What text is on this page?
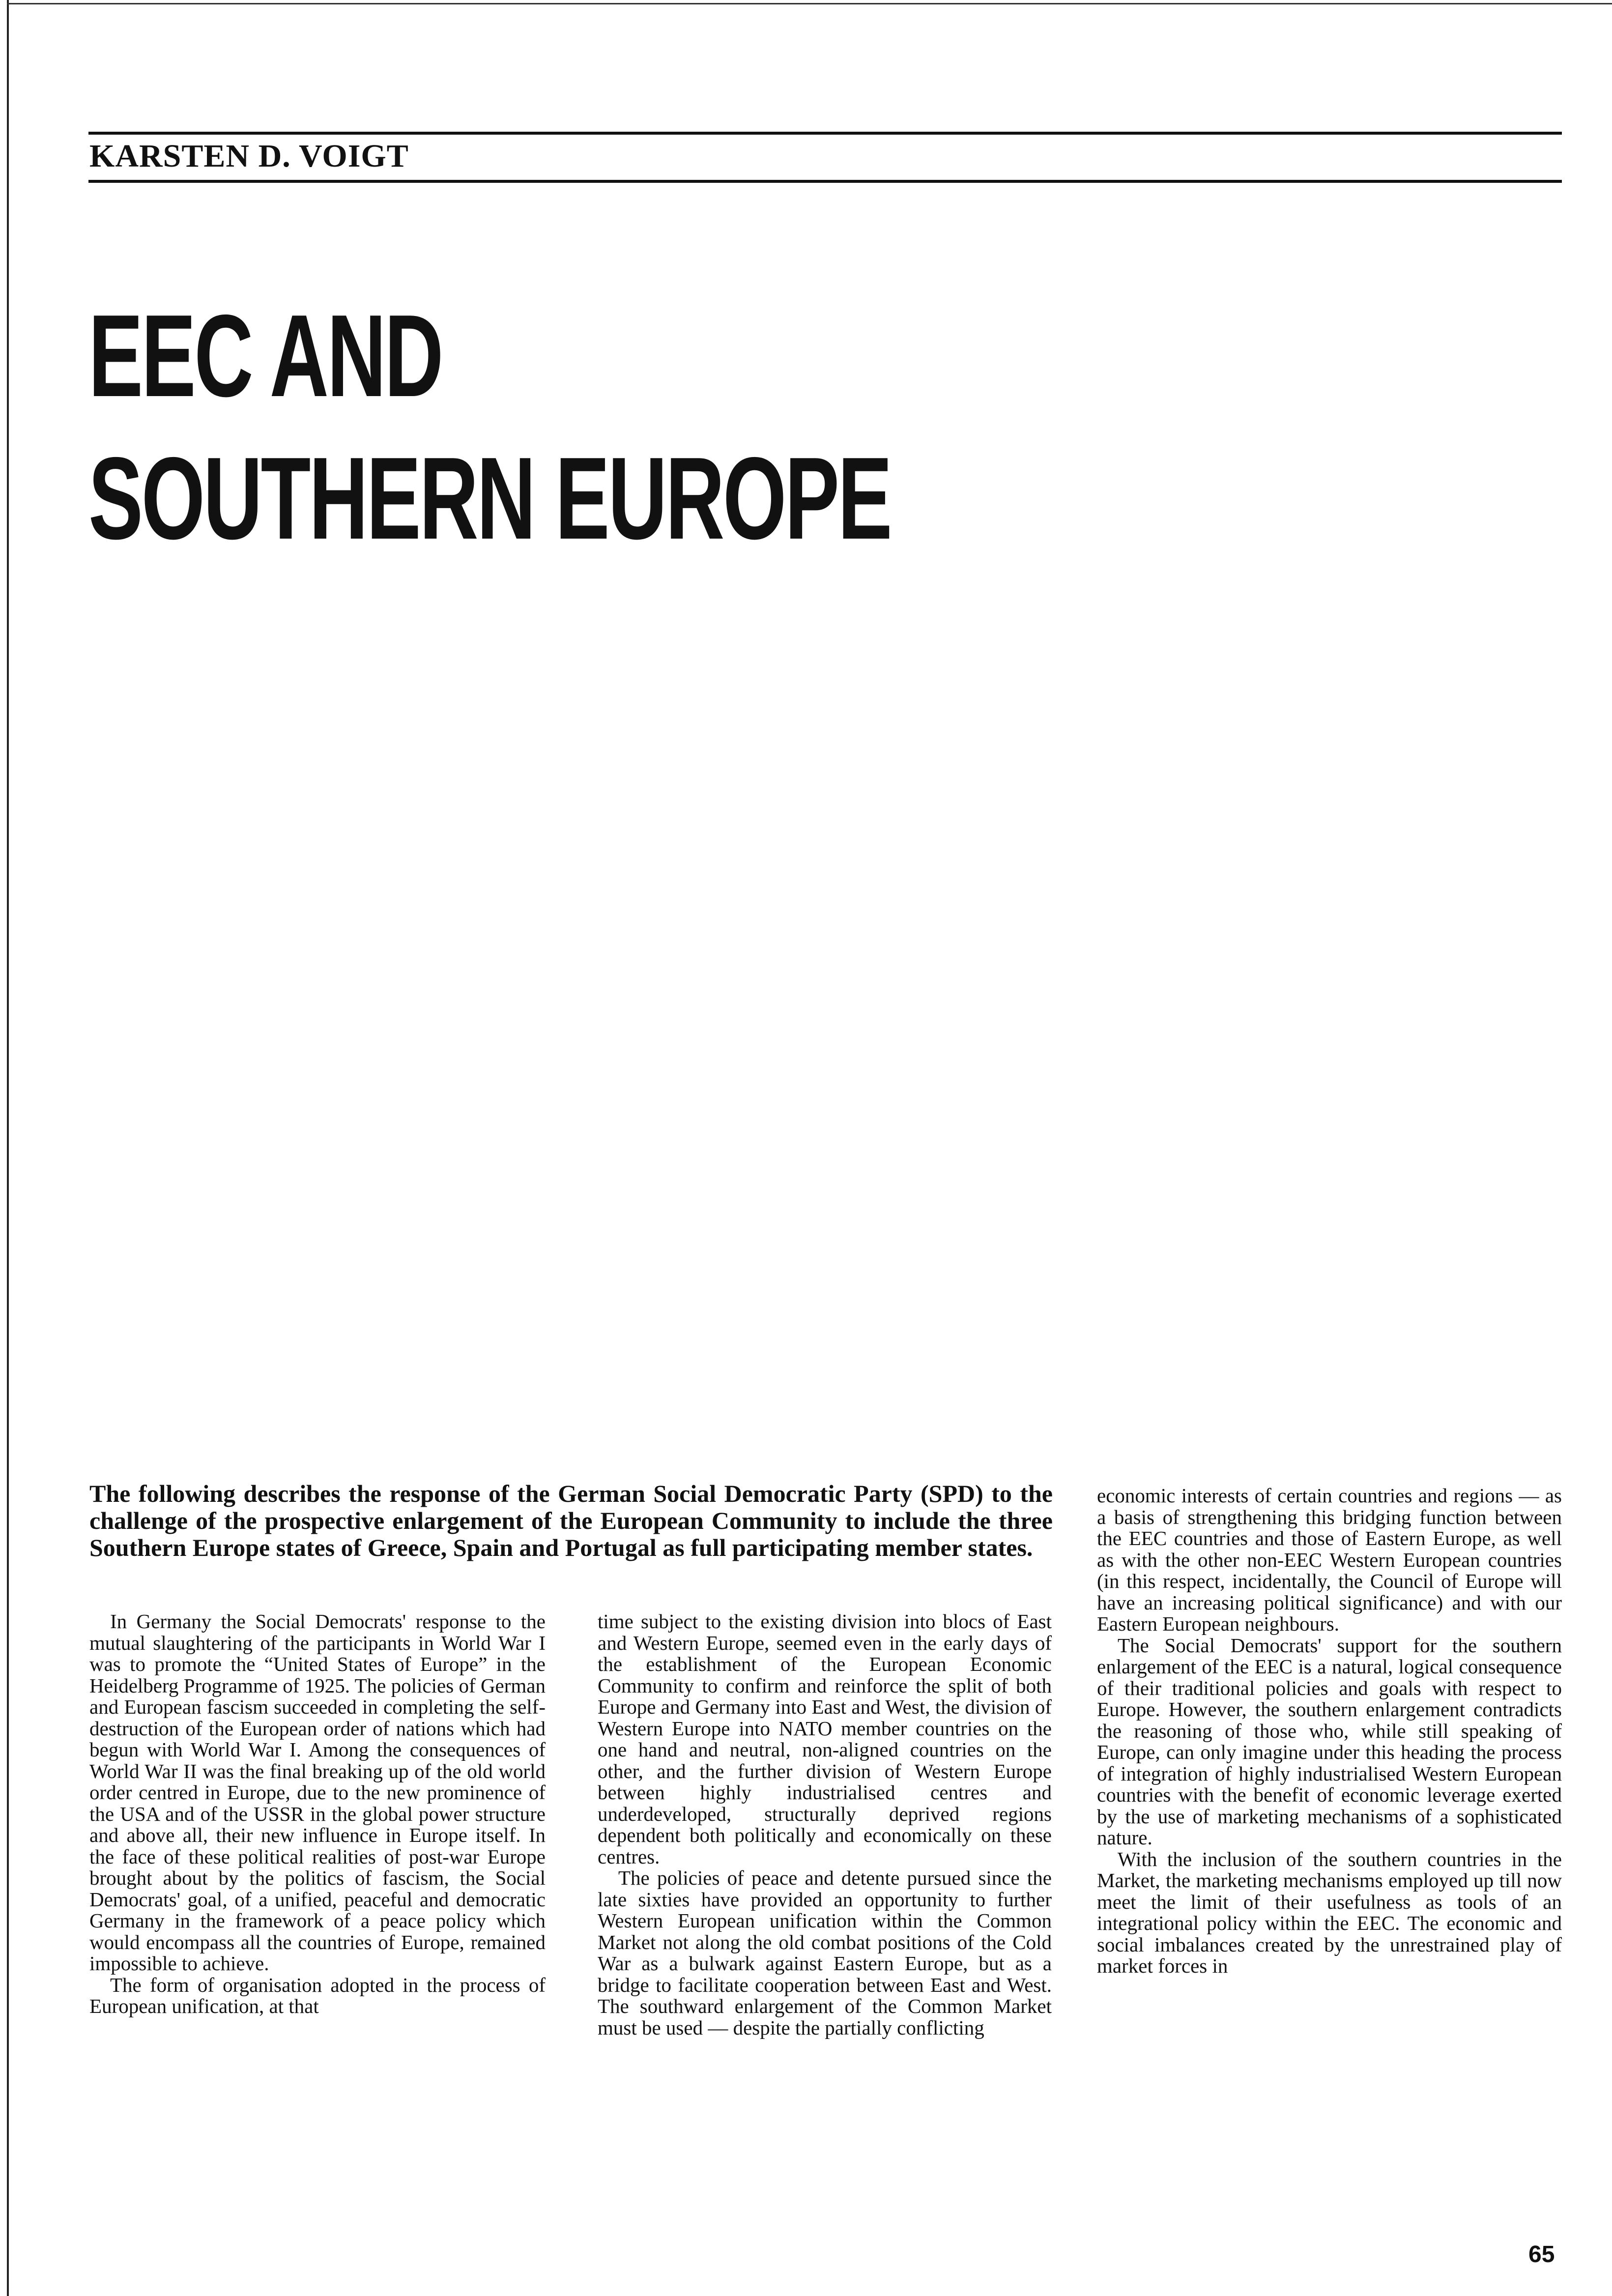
KARSTEN D. VOIGT
EEC AND
SOUTHERN EUROPE
The following describes the response of the German Social Democratic Party (SPD) to the challenge of the prospective enlargement of the European Community to include the three Southern Europe states of Greece, Spain and Portugal as full participating member states.

In Germany the Social Democrats' response to the mutual slaughtering of the participants in World War I was to promote the “United States of Europe” in the Heidelberg Programme of 1925. The policies of German and European fascism succeeded in completing the self-destruction of the European order of nations which had begun with World War I. Among the consequences of World War II was the final breaking up of the old world order centred in Europe, due to the new prominence of the USA and of the USSR in the global power structure and above all, their new influence in Europe itself. In the face of these political realities of post-war Europe brought about by the politics of fascism, the Social Democrats' goal, of a unified, peaceful and democratic Germany in the framework of a peace policy which would encompass all the countries of Europe, remained impossible to achieve.

The form of organisation adopted in the process of European unification, at that

time subject to the existing division into blocs of East and Western Europe, seemed even in the early days of the establishment of the European Economic Community to confirm and reinforce the split of both Europe and Germany into East and West, the division of Western Europe into NATO member countries on the one hand and neutral, non-aligned countries on the other, and the further division of Western Europe between highly industrialised centres and underdeveloped, structurally deprived regions dependent both politically and economically on these centres.

The policies of peace and detente pursued since the late sixties have provided an opportunity to further Western European unification within the Common Market not along the old combat positions of the Cold War as a bulwark against Eastern Europe, but as a bridge to facilitate cooperation between East and West. The southward enlargement of the Common Market must be used — despite the partially conflicting

economic interests of certain countries and regions — as a basis of strengthening this bridging function between the EEC countries and those of Eastern Europe, as well as with the other non-EEC Western European countries (in this respect, incidentally, the Council of Europe will have an increasing political significance) and with our Eastern European neighbours.

The Social Democrats' support for the southern enlargement of the EEC is a natural, logical consequence of their traditional policies and goals with respect to Europe. However, the southern enlargement contradicts the reasoning of those who, while still speaking of Europe, can only imagine under this heading the process of integration of highly industrialised Western European countries with the benefit of economic leverage exerted by the use of marketing mechanisms of a sophisticated nature.

With the inclusion of the southern countries in the Market, the marketing mechanisms employed up till now meet the limit of their usefulness as tools of an integrational policy within the EEC. The economic and social imbalances created by the unrestrained play of market forces in

65
